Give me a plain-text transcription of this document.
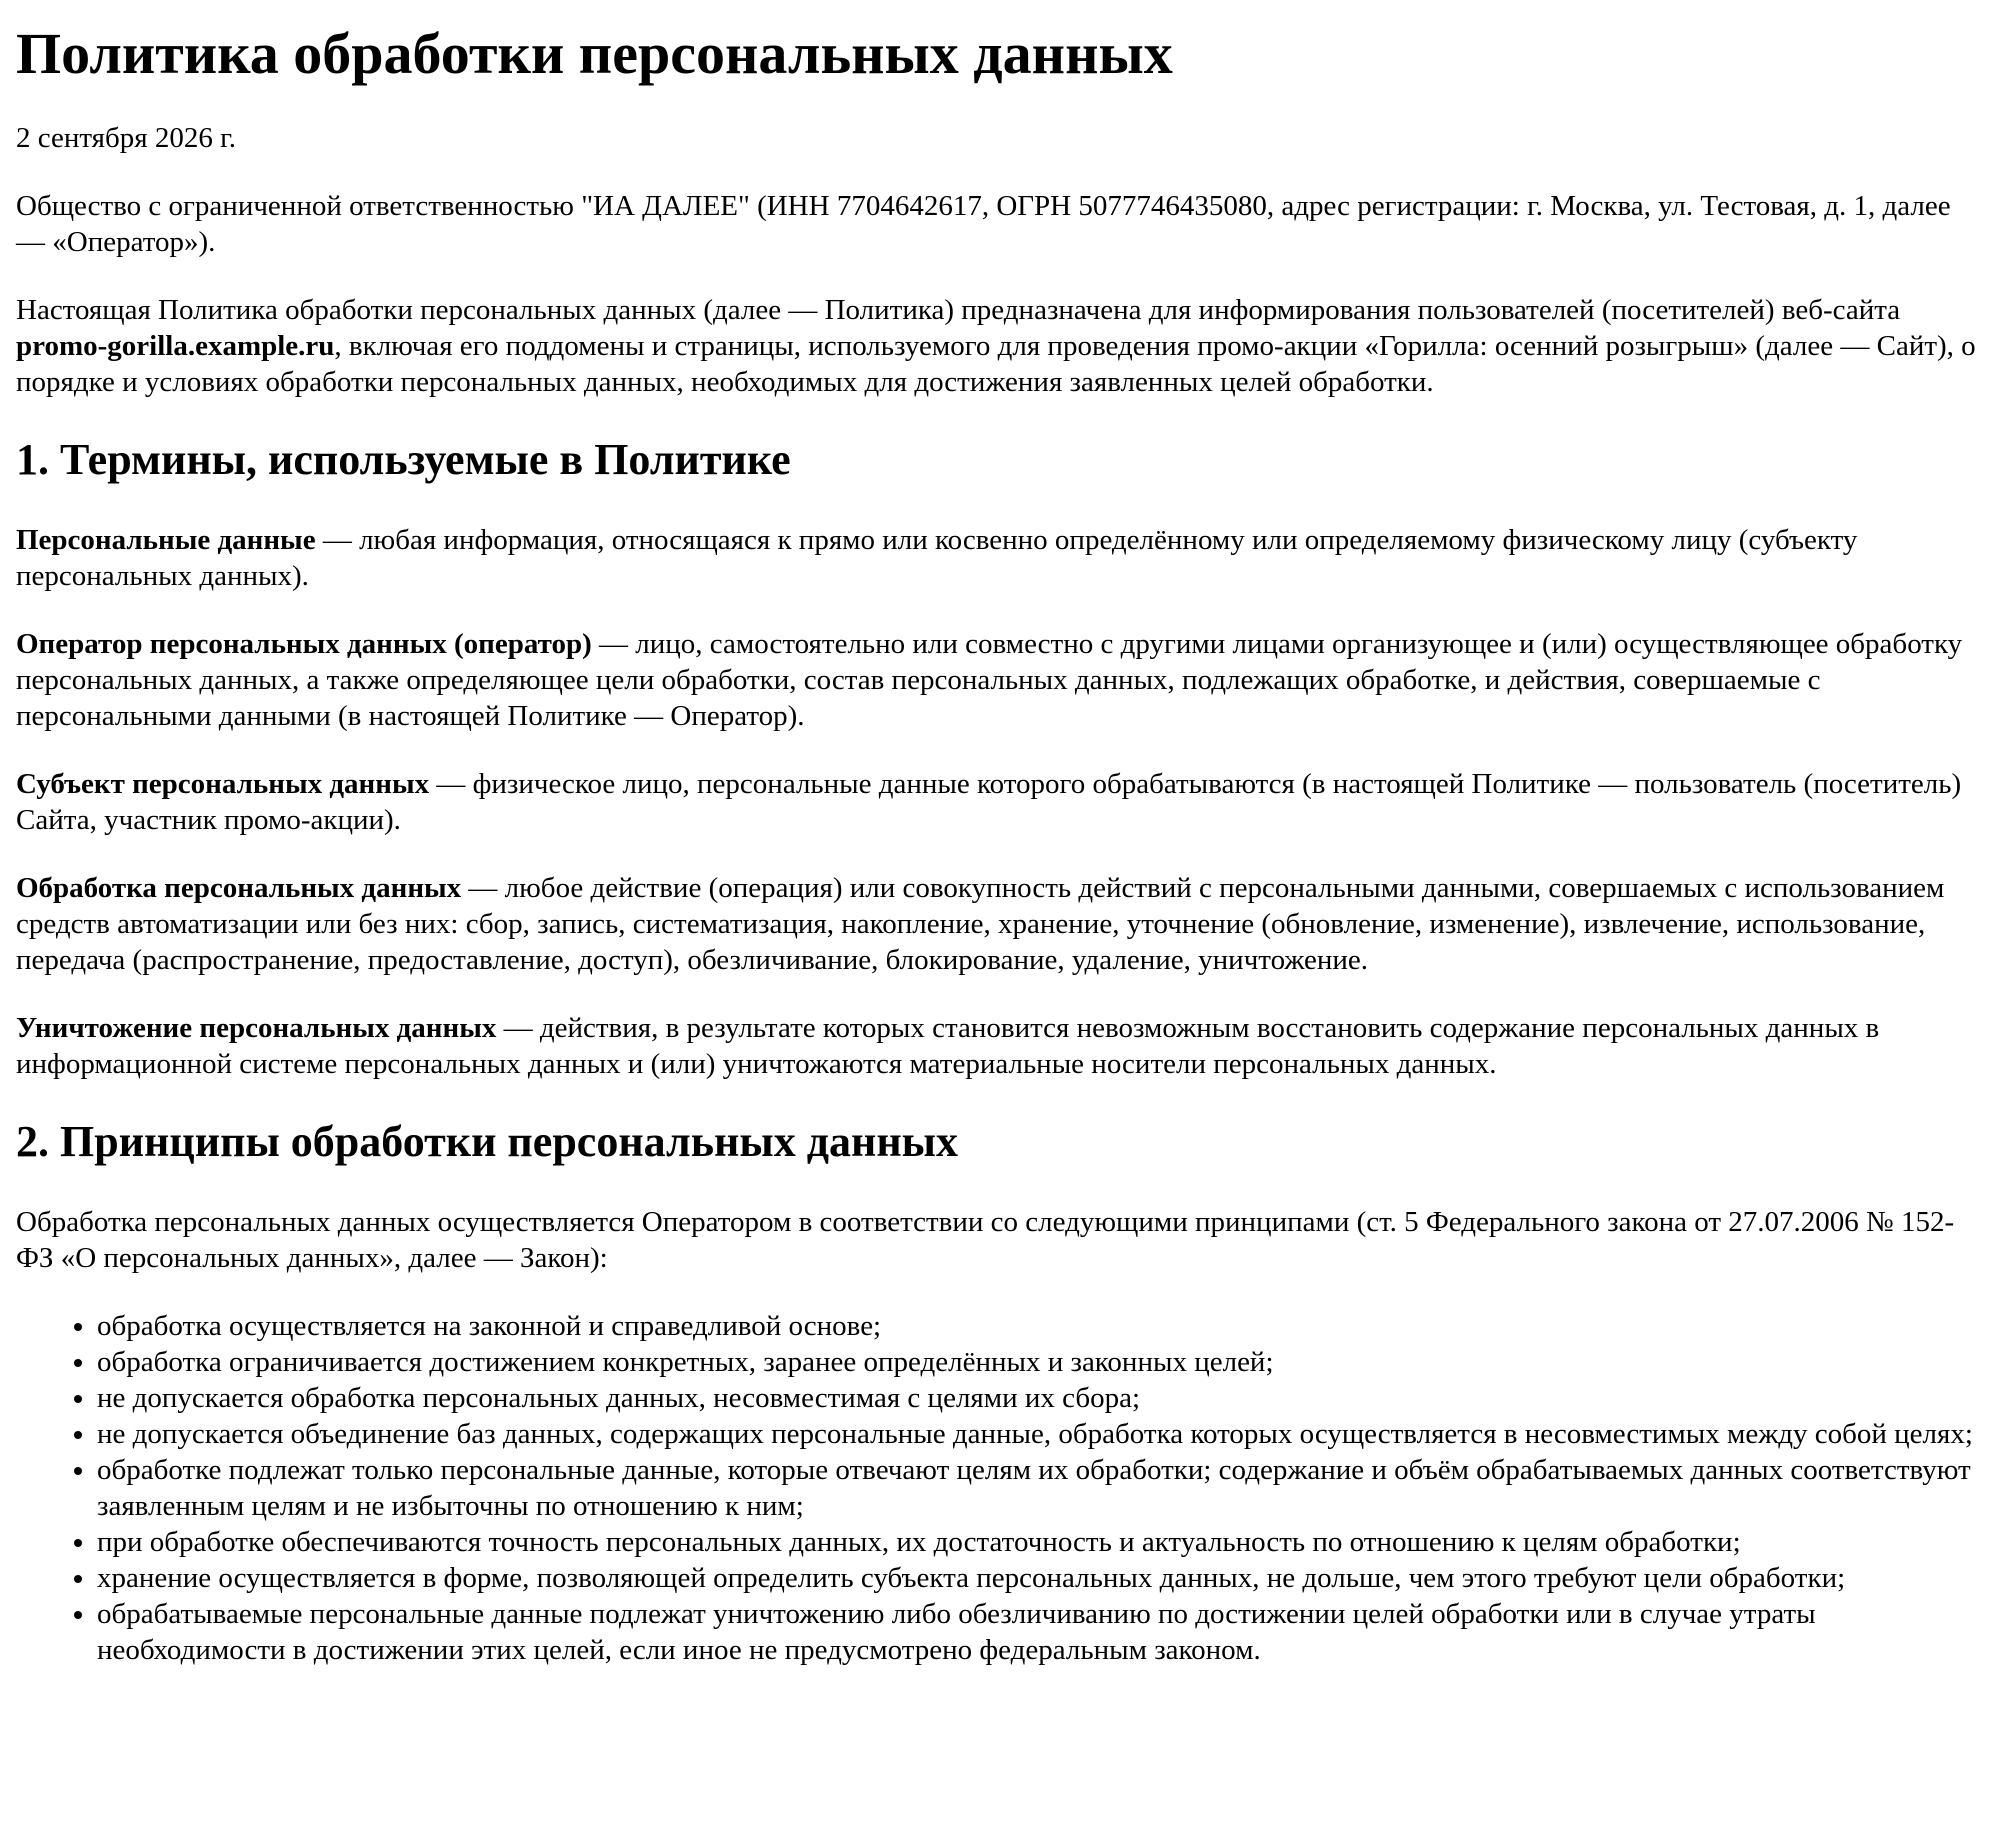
Политика обработки персональных данных

2 сентября 2026 г.

Общество с ограниченной ответственностью "ИА ДАЛЕЕ" (ИНН 7704642617, ОГРН 5077746435080, адрес регистрации: г. Москва, ул. Тестовая, д. 1, далее — «Оператор»).

Настоящая Политика обработки персональных данных (далее — Политика) предназначена для информирования пользователей (посетителей) веб-сайта promo-gorilla.example.ru, включая его поддомены и страницы, используемого для проведения промо-акции «Горилла: осенний розыгрыш» (далее — Сайт), о порядке и условиях обработки персональных данных, необходимых для достижения заявленных целей обработки.

1. Термины, используемые в Политике

Персональные данные — любая информация, относящаяся к прямо или косвенно определённому или определяемому физическому лицу (субъекту персональных данных).

Оператор персональных данных (оператор) — лицо, самостоятельно или совместно с другими лицами организующее и (или) осуществляющее обработку персональных данных, а также определяющее цели обработки, состав персональных данных, подлежащих обработке, и действия, совершаемые с персональными данными (в настоящей Политике — Оператор).

Субъект персональных данных — физическое лицо, персональные данные которого обрабатываются (в настоящей Политике — пользователь (посетитель) Сайта, участник промо-акции).

Обработка персональных данных — любое действие (операция) или совокупность действий с персональными данными, совершаемых с использованием средств автоматизации или без них: сбор, запись, систематизация, накопление, хранение, уточнение (обновление, изменение), извлечение, использование, передача (распространение, предоставление, доступ), обезличивание, блокирование, удаление, уничтожение.

Уничтожение персональных данных — действия, в результате которых становится невозможным восстановить содержание персональных данных в информационной системе персональных данных и (или) уничтожаются материальные носители персональных данных.

2. Принципы обработки персональных данных

Обработка персональных данных осуществляется Оператором в соответствии со следующими принципами (ст. 5 Федерального закона от 27.07.2006 № 152-ФЗ «О персональных данных», далее — Закон):

• обработка осуществляется на законной и справедливой основе;
• обработка ограничивается достижением конкретных, заранее определённых и законных целей;
• не допускается обработка персональных данных, несовместимая с целями их сбора;
• не допускается объединение баз данных, содержащих персональные данные, обработка которых осуществляется в несовместимых между собой целях;
• обработке подлежат только персональные данные, которые отвечают целям их обработки; содержание и объём обрабатываемых данных соответствуют заявленным целям и не избыточны по отношению к ним;
• при обработке обеспечиваются точность персональных данных, их достаточность и актуальность по отношению к целям обработки;
• хранение осуществляется в форме, позволяющей определить субъекта персональных данных, не дольше, чем этого требуют цели обработки;
• обрабатываемые персональные данные подлежат уничтожению либо обезличиванию по достижении целей обработки или в случае утраты необходимости в достижении этих целей, если иное не предусмотрено федеральным законом.
